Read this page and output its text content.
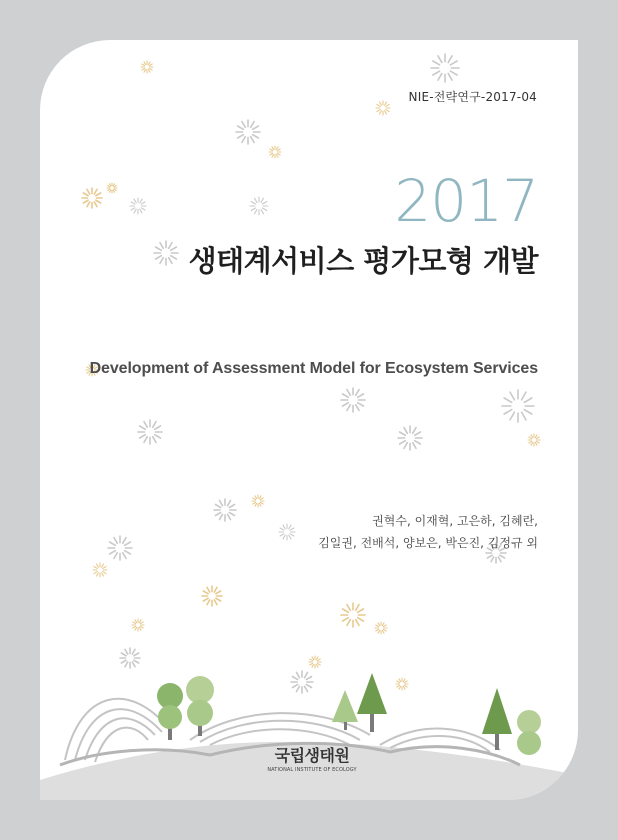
NIE-전략연구-2017-04
2017
생태계서비스 평가모형 개발
Development of Assessment Model for Ecosystem Services
권혁수, 이재혁, 고은하, 김혜란,
김일권, 전배석, 양보은, 박은진, 김정규 외
국립생태원
NATIONAL INSTITUTE OF ECOLOGY
